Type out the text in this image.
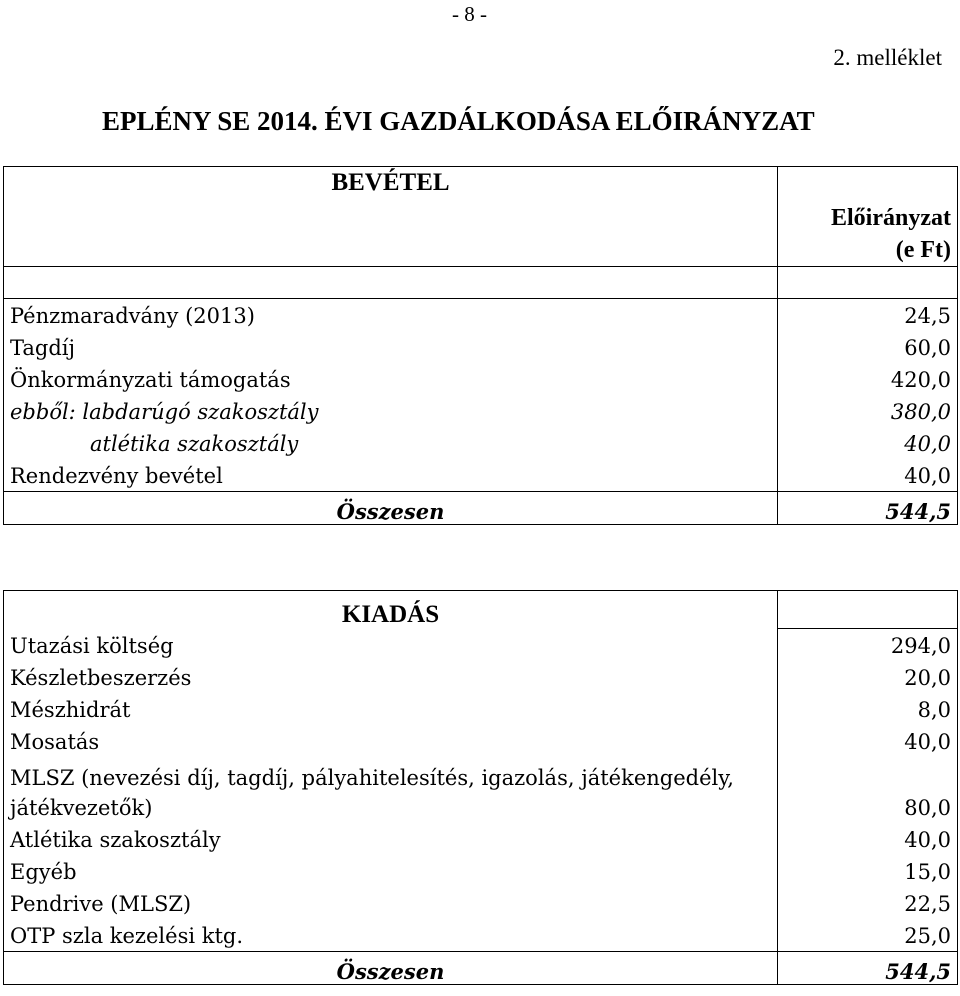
- 8 -
2. melléklet
EPLÉNY SE 2014. ÉVI GAZDÁLKODÁSA ELŐIRÁNYZAT
BEVÉTEL	Előirányzat
(e Ft)

Pénzmaradvány (2013)	24,5
Tagdíj	60,0
Önkormányzati támogatás	420,0
ebből: labdarúgó szakosztály	380,0
atlétika szakosztály	40,0
Rendezvény bevétel	40,0
Összesen	544,5
KIADÁS	
Utazási költség	294,0
Készletbeszerzés	20,0
Mészhidrát	8,0
Mosatás	40,0
MLSZ (nevezési díj, tagdíj, pályahitelesítés, igazolás, játékengedély, játékvezetők)	80,0
Atlétika szakosztály	40,0
Egyéb	15,0
Pendrive (MLSZ)	22,5
OTP szla kezelési ktg.	25,0
Összesen	544,5
